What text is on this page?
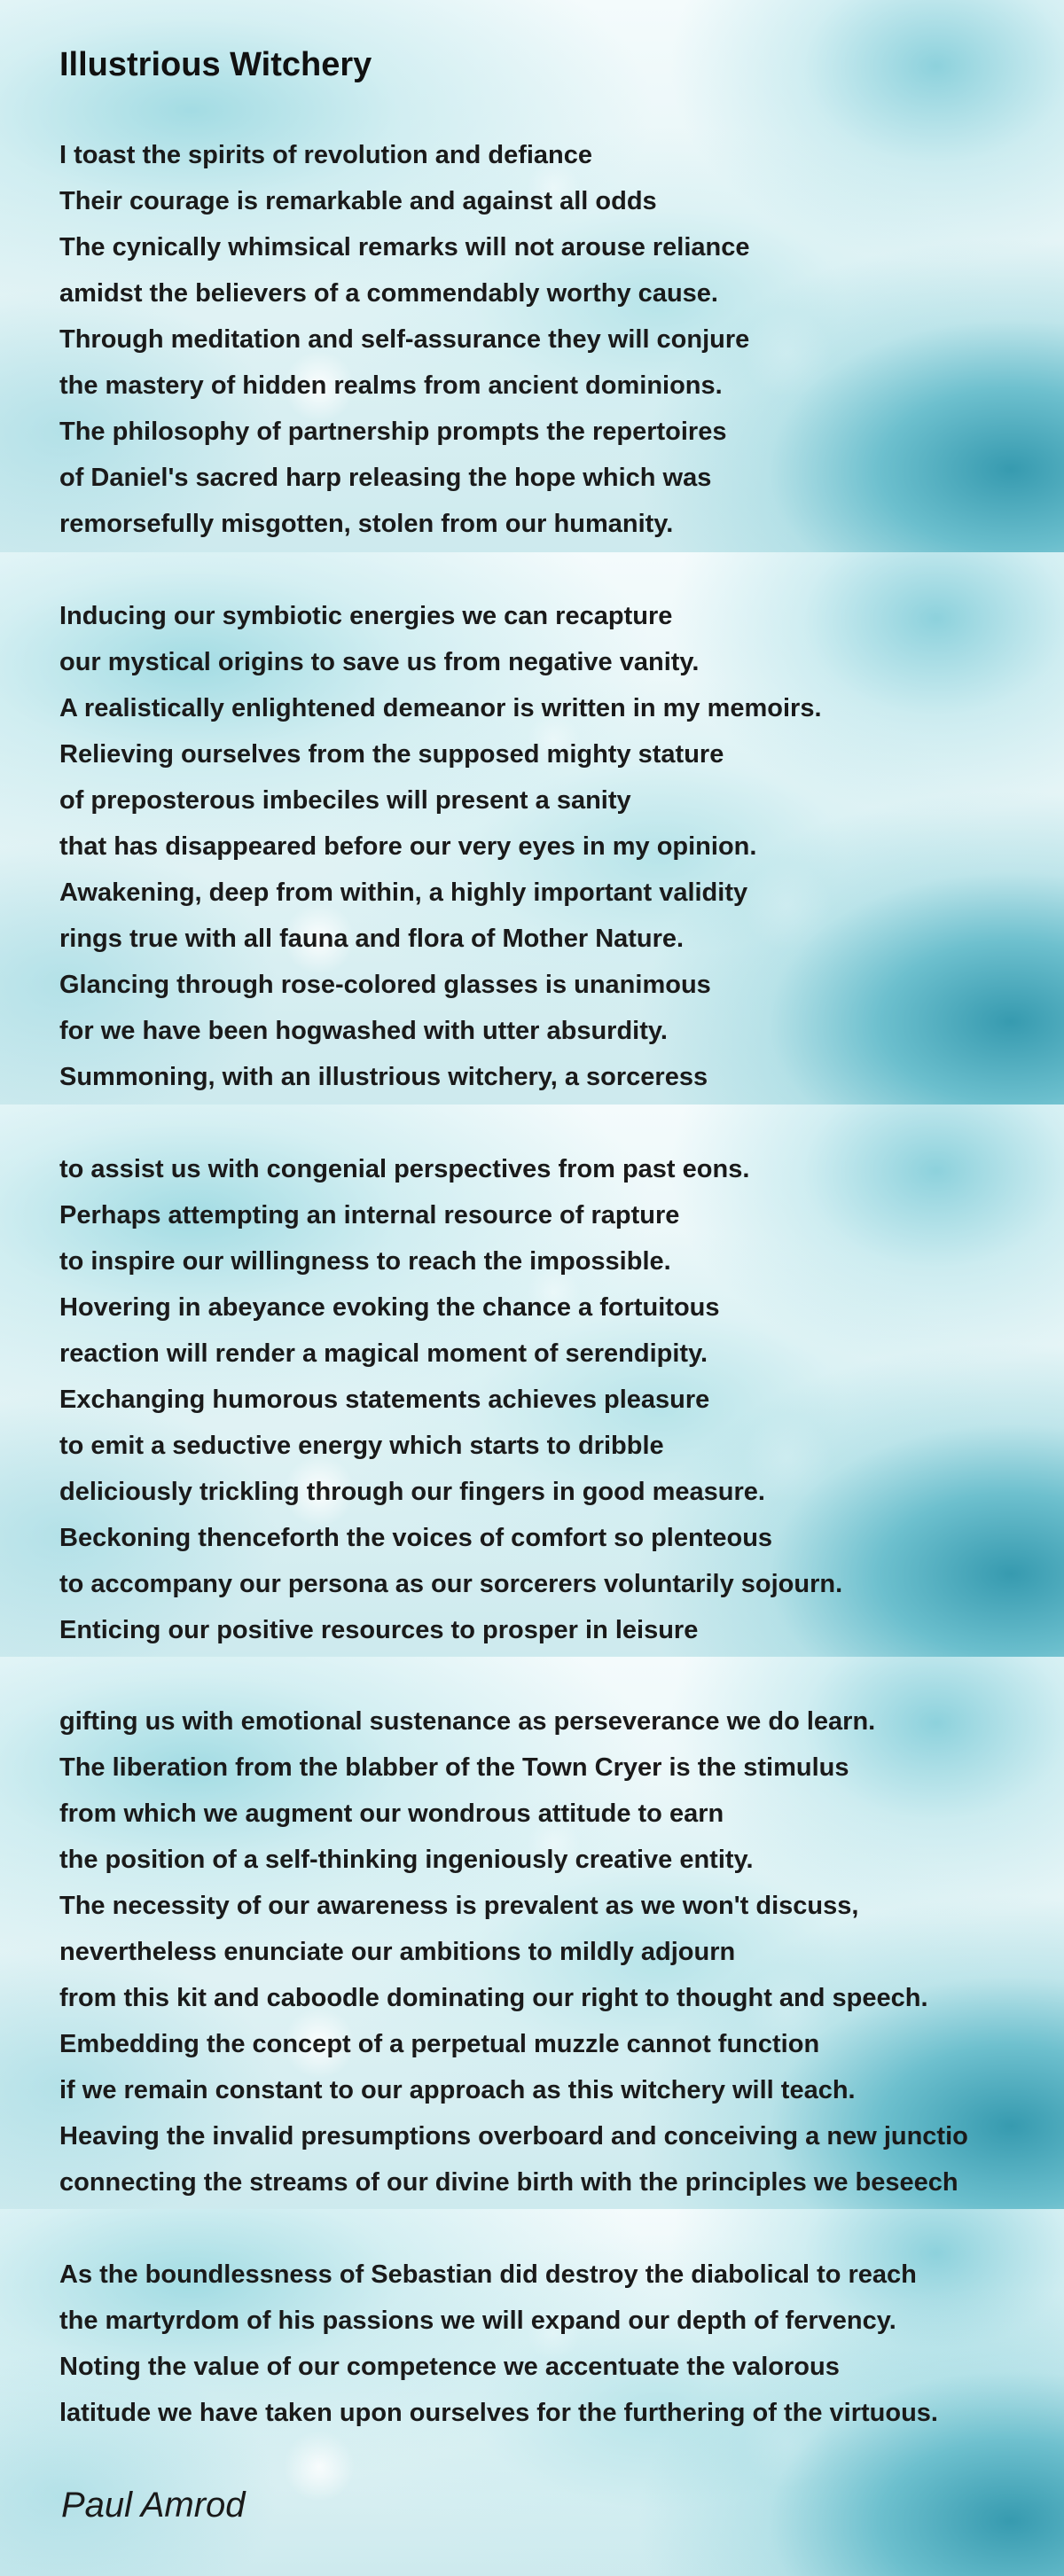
Illustrious Witchery
I toast the spirits of revolution and defiance
Their courage is remarkable and against all odds
The cynically whimsical remarks will not arouse reliance
amidst the believers of a commendably worthy cause.
Through meditation and self-assurance they will conjure
the mastery of hidden realms from ancient dominions.
The philosophy of partnership prompts the repertoires
of Daniel's sacred harp releasing the hope which was
remorsefully misgotten, stolen from our humanity.
Inducing our symbiotic energies we can recapture
our mystical origins to save us from negative vanity.
A realistically enlightened demeanor is written in my memoirs.
Relieving ourselves from the supposed mighty stature
of preposterous imbeciles will present a sanity
that has disappeared before our very eyes in my opinion.
Awakening, deep from within, a highly important validity
rings true with all fauna and flora of Mother Nature.
Glancing through rose-colored glasses is unanimous
for we have been hogwashed with utter absurdity.
Summoning, with an illustrious witchery, a sorceress
to assist us with congenial perspectives from past eons.
Perhaps attempting an internal resource of rapture
to inspire our willingness to reach the impossible.
Hovering in abeyance evoking the chance a fortuitous
reaction will render a magical moment of serendipity.
Exchanging humorous statements achieves pleasure
to emit a seductive energy which starts to dribble
deliciously trickling through our fingers in good measure.
Beckoning thenceforth the voices of comfort so plenteous
to accompany our persona as our sorcerers voluntarily sojourn.
Enticing our positive resources to prosper in leisure
gifting us with emotional sustenance as perseverance we do learn.
The liberation from the blabber of the Town Cryer is the stimulus
from which we augment our wondrous attitude to earn
the position of a self-thinking ingeniously creative entity.
The necessity of our awareness is prevalent as we won't discuss,
nevertheless enunciate our ambitions to mildly adjourn
from this kit and caboodle dominating our right to thought and speech.
Embedding the concept of a perpetual muzzle cannot function
if we remain constant to our approach as this witchery will teach.
Heaving the invalid presumptions overboard and conceiving a new junctio
connecting the streams of our divine birth with the principles we beseech
As the boundlessness of Sebastian did destroy the diabolical to reach
the martyrdom of his passions we will expand our depth of fervency.
Noting the value of our competence we accentuate the valorous
latitude we have taken upon ourselves for the furthering of the virtuous.

Paul Amrod
